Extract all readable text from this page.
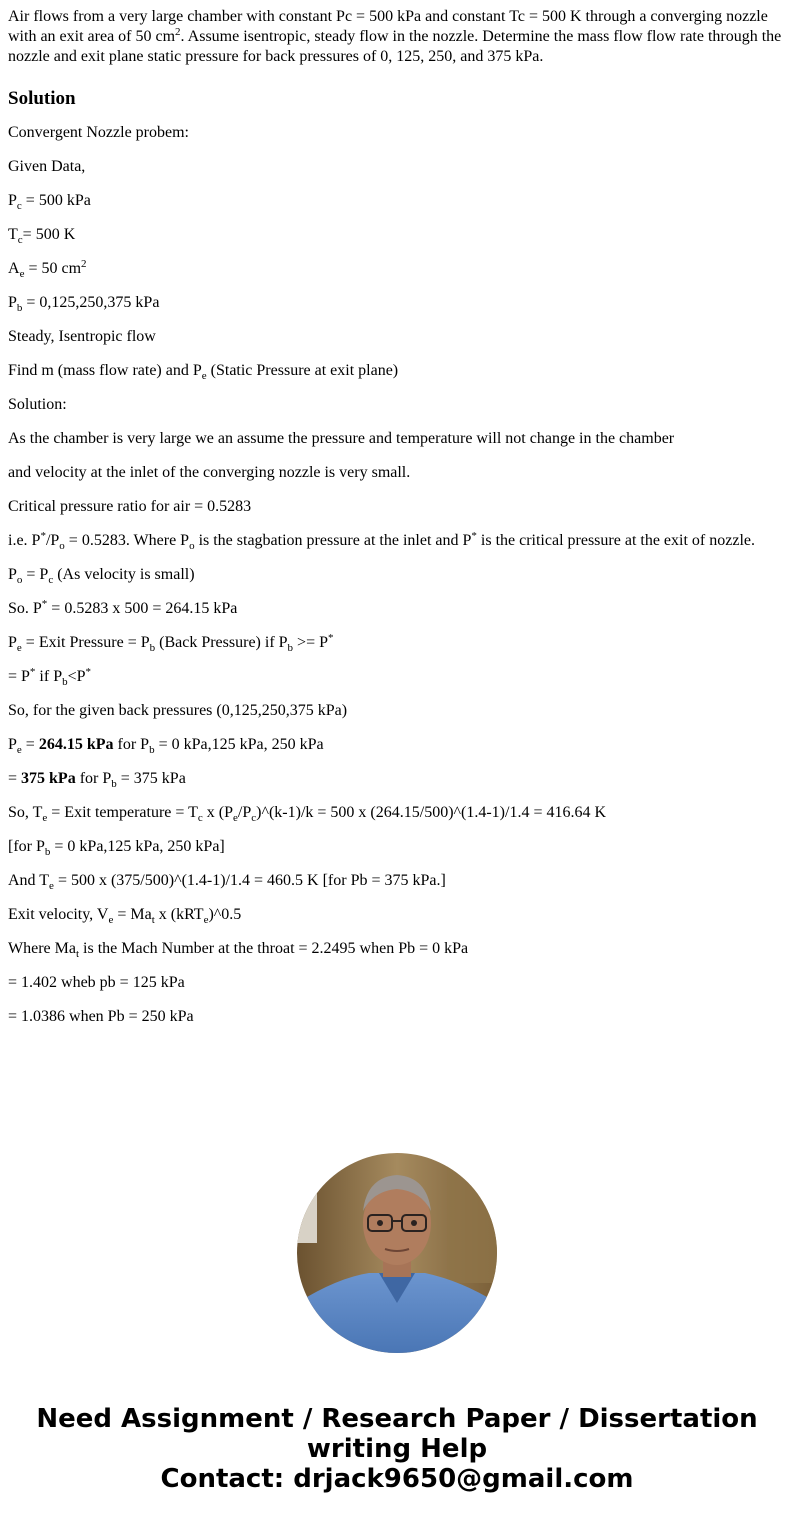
Air flows from a very large chamber with constant Pc = 500 kPa and constant Tc = 500 K through a converging nozzle with an exit area of 50 $cm^2$. Assume isentropic, steady flow in the nozzle. Determine the mass flow flow rate through the nozzle and exit plane static pressure for back pressures of 0, 125, 250, and 375 kPa.

Solution
Convergent Nozzle probem:
Given Data,
$P_c = 500$ kPa
$T_c= 500$ K
$A_e = 50$ $cm^2$
$P_b = 0,125,250,375$ kPa
Steady, Isentropic flow
Find m (mass flow rate) and $P_e$ (Static Pressure at exit plane)
Solution:
As the chamber is very large we an assume the pressure and temperature will not change in the chamber
and velocity at the inlet of the converging nozzle is very small.
Critical pressure ratio for air = 0.5283
i.e. $P^*/P_o = 0.5283$. Where $P_o$ is the stagbation pressure at the inlet and P* is the critical pressure at the exit of nozzle.
$P_o = P_c$ (As velocity is small)
So. P* = 0.5283 x 500 = 264.15 kPa
$P_e$ = Exit Pressure = $P_b$ (Back Pressure) if $P_b >= P^*$
= P* if $P_b<P^*$
So, for the given back pressures (0,125,250,375 kPa)
$P_e = 264.15$ kPa for $P_b = 0$ kPa,125 kPa, 250 kPa
= 375 kPa for $P_b = 375$ kPa
So, $T_e$ = Exit temperature = $T_c$ x $(P_e/P_c)\^{}(k-1)/k = 500$ x (264.15/500)^(1.4-1)/1.4 = 416.64 K
[for $P_b = 0$ kPa,125 kPa, 250 kPa]
And $T_e = 500$ x (375/500)^(1.4-1)/1.4 = 460.5 K [for Pb = 375 kPa.]
Exit velocity, $V_e = Ma_t$ x (kRT$_e$)^0.5
Where $Ma_t$ is the Mach Number at the throat = 2.2495 when Pb = 0 kPa
= 1.402 wheb pb = 125 kPa
= 1.0386 when Pb = 250 kPa
Need Assignment / Research Paper / Dissertation
writing Help
Contact: drjack9650@gmail.com
